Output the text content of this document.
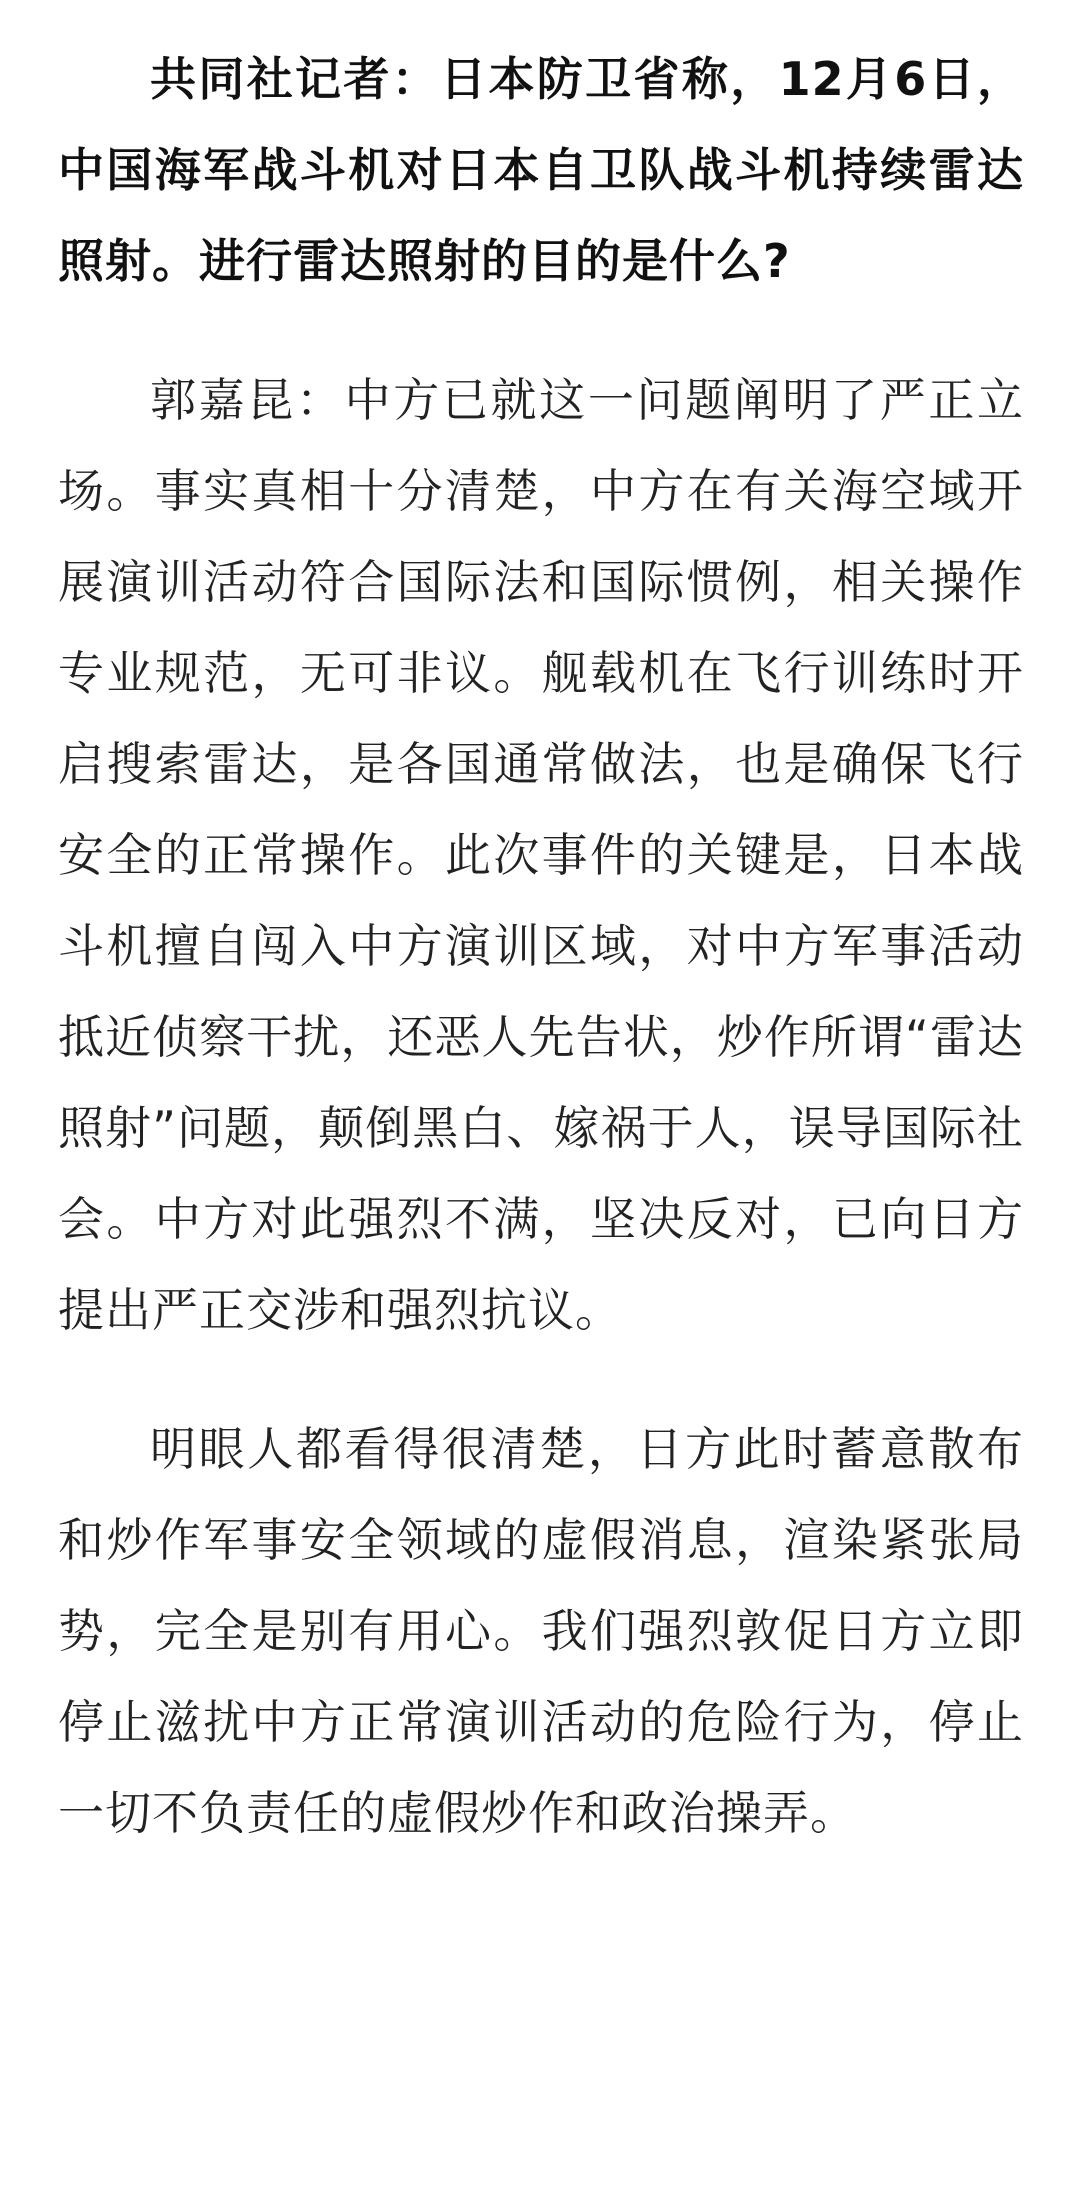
共同社记者：日本防卫省称，12月6日，中国海军战斗机对日本自卫队战斗机持续雷达照射。进行雷达照射的目的是什么?

郭嘉昆：中方已就这一问题阐明了严正立场。事实真相十分清楚，中方在有关海空域开展演训活动符合国际法和国际惯例，相关操作专业规范，无可非议。舰载机在飞行训练时开启搜索雷达，是各国通常做法，也是确保飞行安全的正常操作。此次事件的关键是，日本战斗机擅自闯入中方演训区域，对中方军事活动抵近侦察干扰，还恶人先告状，炒作所谓“雷达照射”问题，颠倒黑白、嫁祸于人，误导国际社会。中方对此强烈不满，坚决反对，已向日方提出严正交涉和强烈抗议。

明眼人都看得很清楚，日方此时蓄意散布和炒作军事安全领域的虚假消息，渲染紧张局势，完全是别有用心。我们强烈敦促日方立即停止滋扰中方正常演训活动的危险行为，停止一切不负责任的虚假炒作和政治操弄。
